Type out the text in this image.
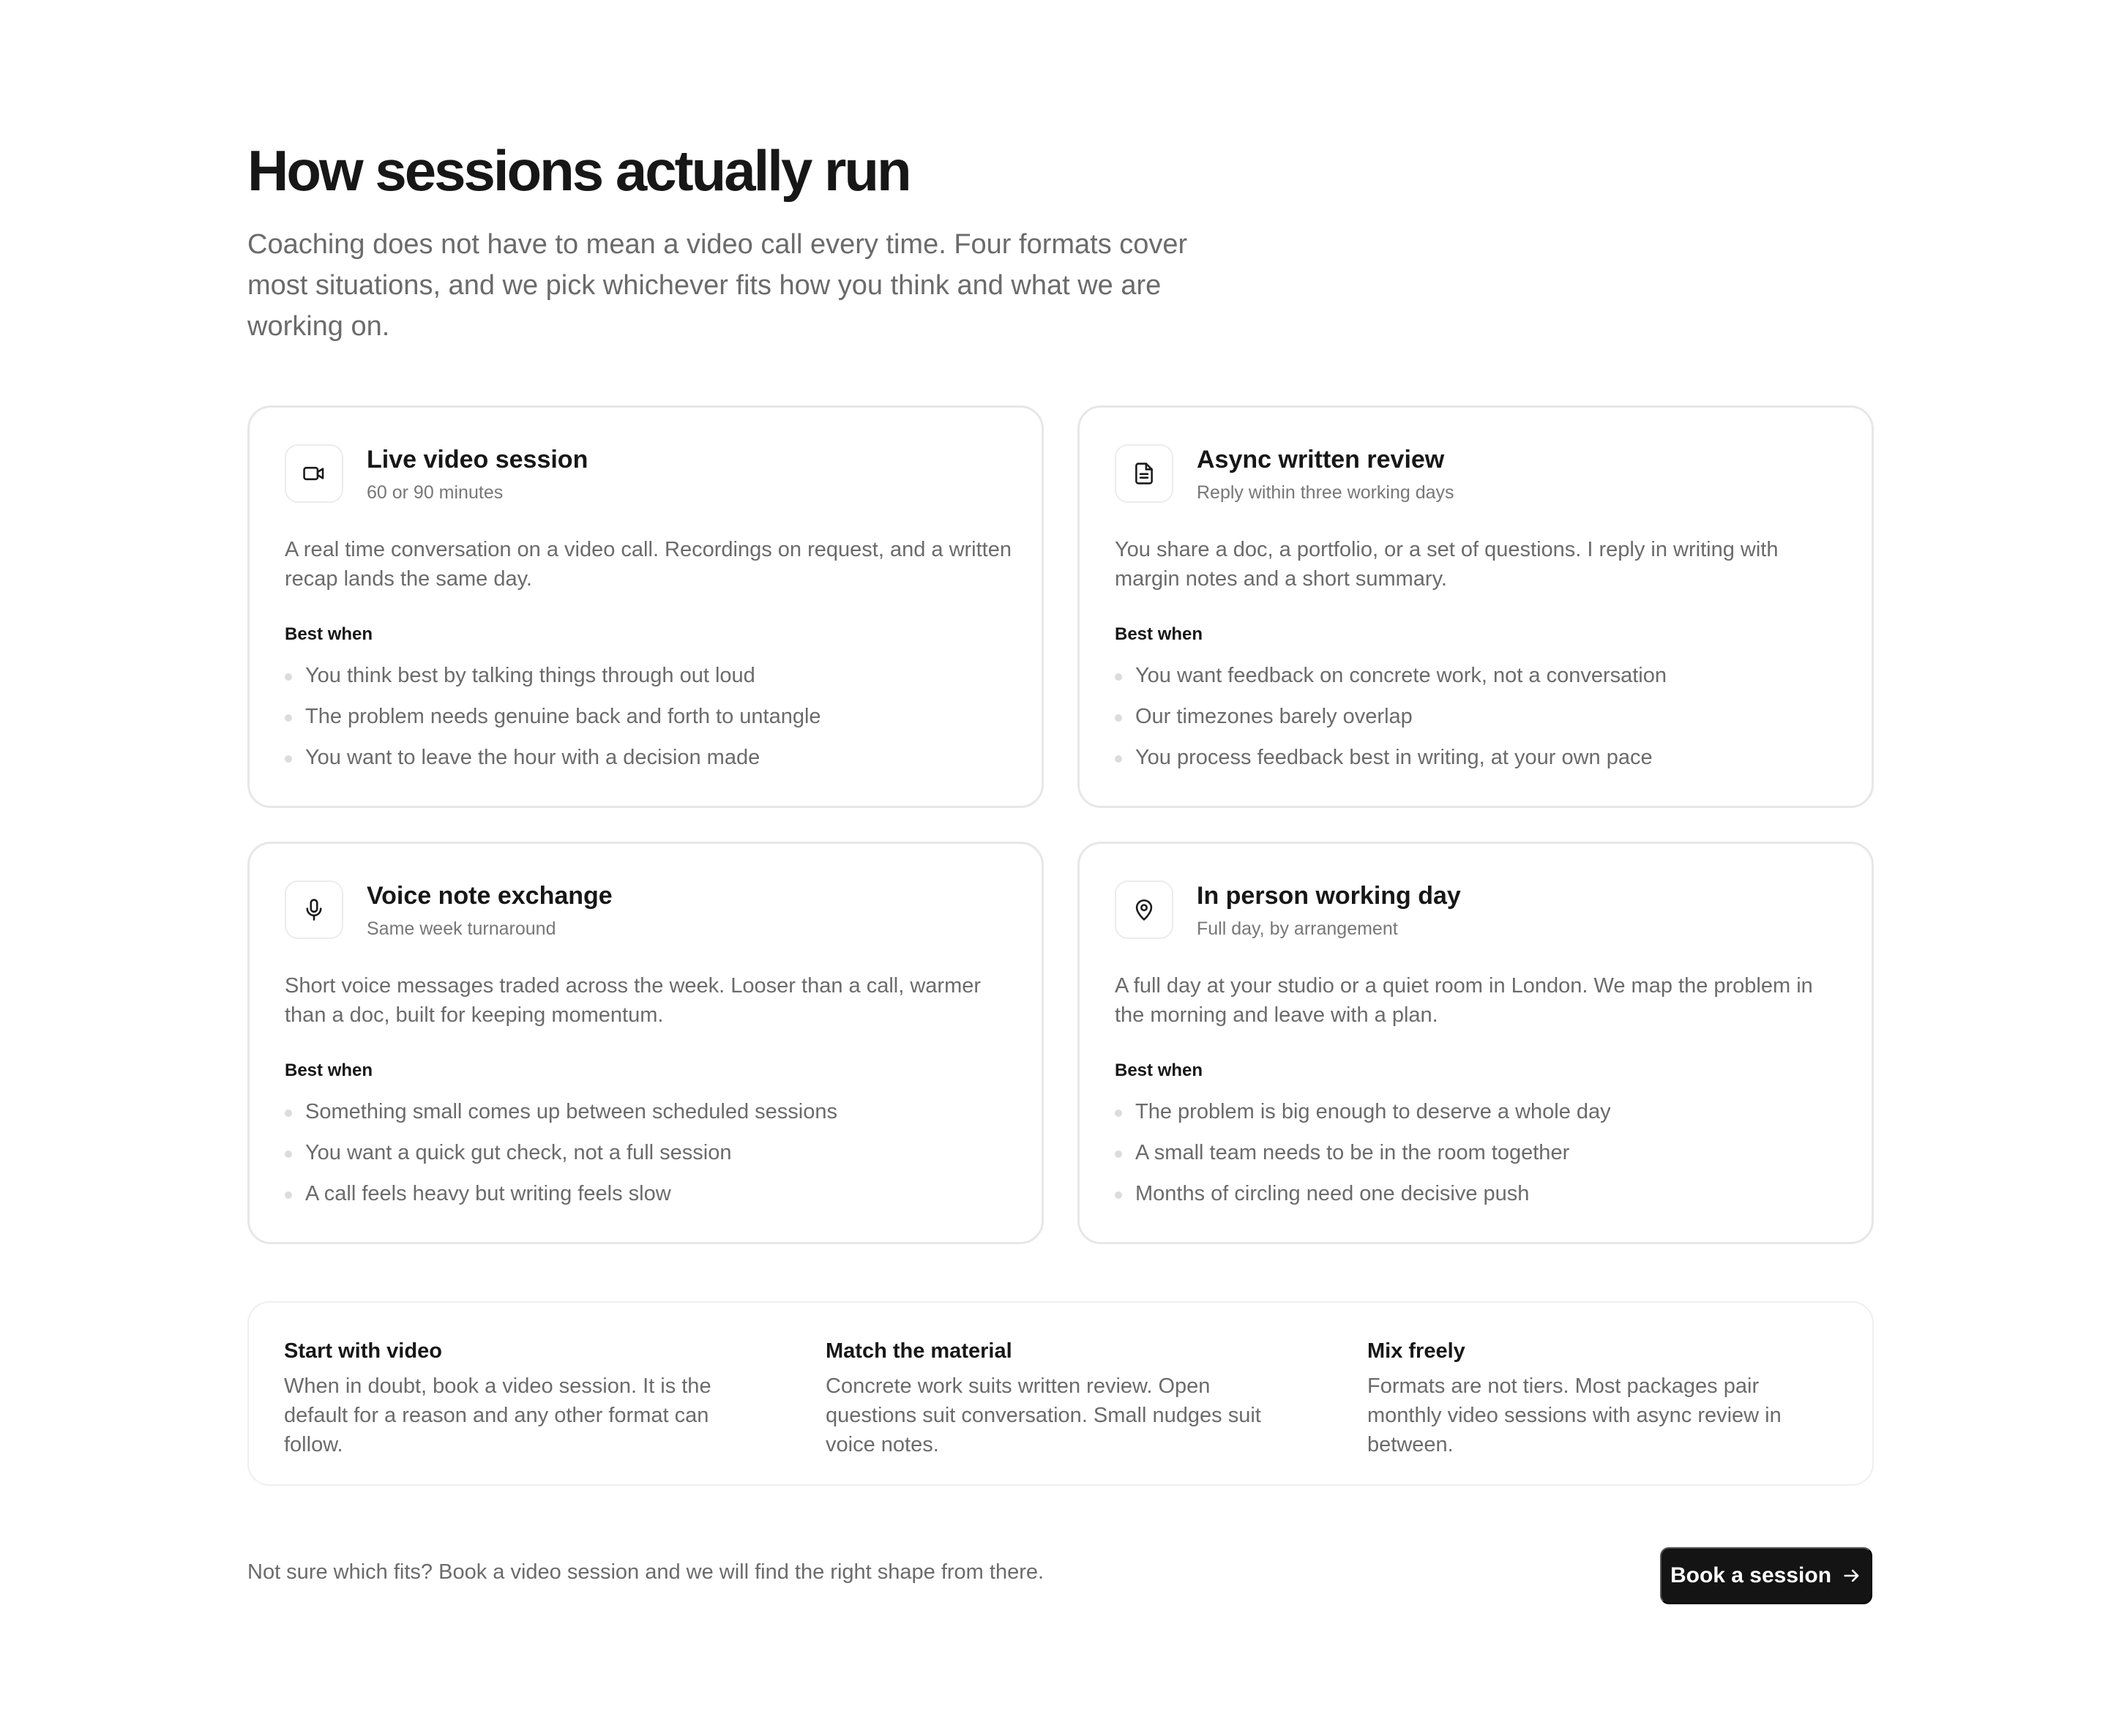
How sessions actually run

Coaching does not have to mean a video call every time. Four formats cover most situations, and we pick whichever fits how you think and what we are working on.

Live video session
60 or 90 minutes

A real time conversation on a video call. Recordings on request, and a written recap lands the same day.

Best when
You think best by talking things through out loud
The problem needs genuine back and forth to untangle
You want to leave the hour with a decision made
Async written review
Reply within three working days

You share a doc, a portfolio, or a set of questions. I reply in writing with margin notes and a short summary.

Best when
You want feedback on concrete work, not a conversation
Our timezones barely overlap
You process feedback best in writing, at your own pace
Voice note exchange
Same week turnaround

Short voice messages traded across the week. Looser than a call, warmer than a doc, built for keeping momentum.

Best when
Something small comes up between scheduled sessions
You want a quick gut check, not a full session
A call feels heavy but writing feels slow
In person working day
Full day, by arrangement

A full day at your studio or a quiet room in London. We map the problem in the morning and leave with a plan.

Best when
The problem is big enough to deserve a whole day
A small team needs to be in the room together
Months of circling need one decisive push
Start with video

When in doubt, book a video session. It is the default for a reason and any other format can follow.

Match the material

Concrete work suits written review. Open questions suit conversation. Small nudges suit voice notes.

Mix freely

Formats are not tiers. Most packages pair monthly video sessions with async review in between.

Not sure which fits? Book a video session and we will find the right shape from there.	Book a session
